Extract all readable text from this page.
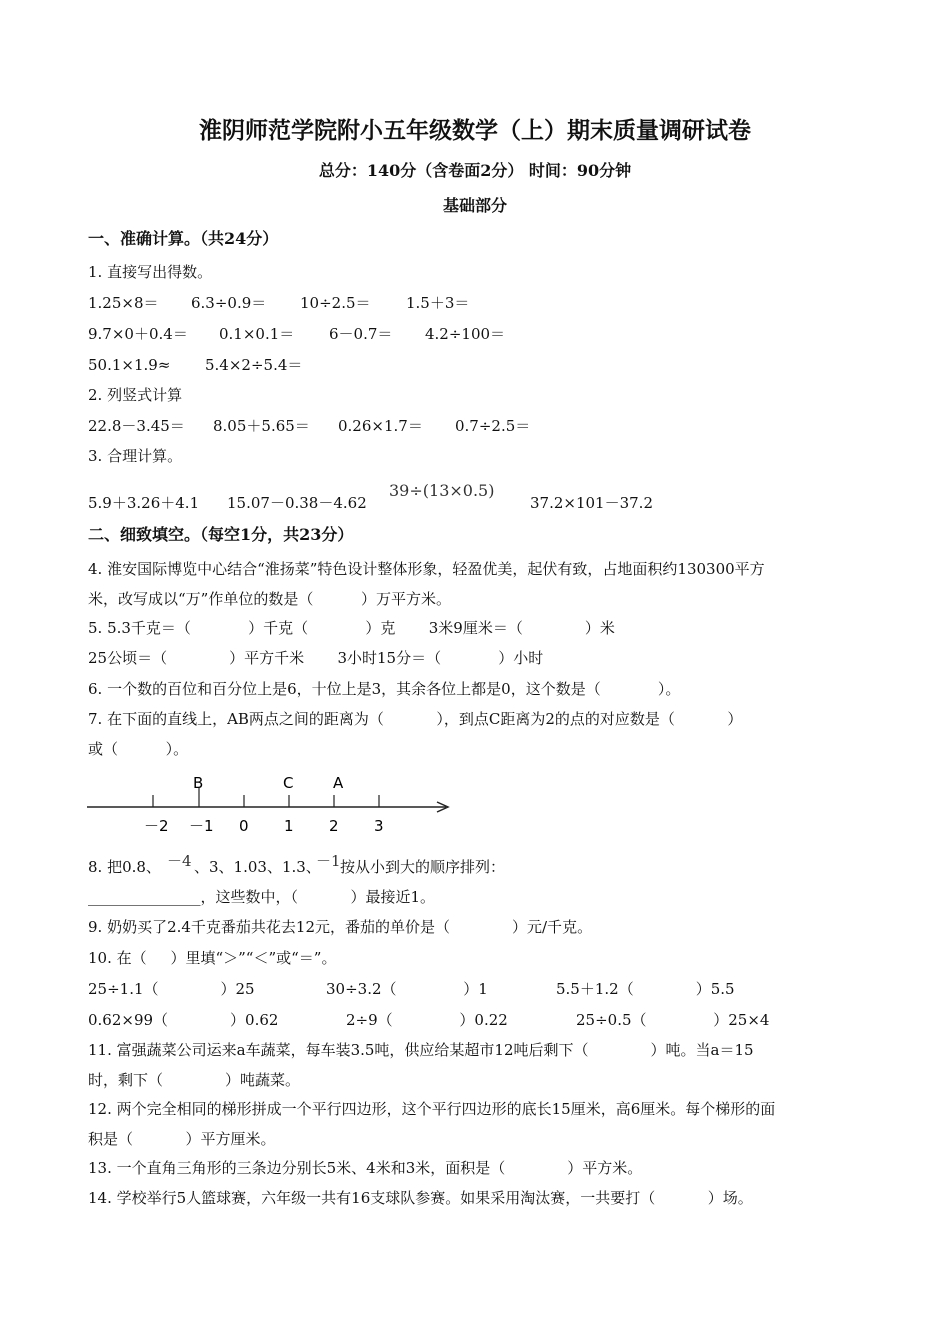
淮阴师范学院附小五年级数学（上）期末质量调研试卷
总分：140分（含卷面2分） 时间：90分钟
基础部分
一、准确计算。（共24分）
1. 直接写出得数。
1.25×8＝ 6.3÷0.9＝ 10÷2.5＝ 1.5＋3＝
9.7×0＋0.4＝ 0.1×0.1＝ 6－0.7＝ 4.2÷100＝
50.1×1.9≈ 5.4×2÷5.4＝
2. 列竖式计算
22.8－3.45＝ 8.05＋5.65＝ 0.26×1.7＝ 0.7÷2.5＝
3. 合理计算。
5.9＋3.26＋4.1 15.07－0.38－4.62
39÷(13×0.5)
37.2×101－37.2
二、细致填空。（每空1分，共23分）
4. 淮安国际博览中心结合“淮扬菜”特色设计整体形象，轻盈优美，起伏有致，占地面积约130300平方
米，改写成以“万”作单位的数是（          ）万平方米。
5. 5.3千克＝（            ）千克（            ）克       3米9厘米＝（             ）米
25公顷＝（             ）平方千米       3小时15分＝（            ）小时
6. 一个数的百位和百分位上是6，十位上是3，其余各位上都是0，这个数是（            ）。
7. 在下面的直线上，AB两点之间的距离为（           ），到点C距离为2的点的对应数是（           ）
或（          ）。
－2 －1 0 1 2 3
B	C	A
8. 把0.8、 －4 、3、1.03、1.3、
－1 按从小到大的顺序排列：
_______________，这些数中，（           ）最接近1。
9. 奶奶买了2.4千克番茄共花去12元，番茄的单价是（             ）元/千克。
10. 在（     ）里填“＞”“＜”或“＝”。
25÷1.1（             ）25	30÷3.2（              ）1	5.5＋1.2（             ）5.5
0.62×99（             ）0.62	2÷9（              ）0.22	25÷0.5（              ）25×4
11. 富强蔬菜公司运来a车蔬菜，每车装3.5吨，供应给某超市12吨后剩下（             ）吨。当a＝15
时，剩下（             ）吨蔬菜。
12. 两个完全相同的梯形拼成一个平行四边形，这个平行四边形的底长15厘米，高6厘米。每个梯形的面
积是（           ）平方厘米。
13. 一个直角三角形的三条边分别长5米、4米和3米，面积是（             ）平方米。
14. 学校举行5人篮球赛，六年级一共有16支球队参赛。如果采用淘汰赛，一共要打（           ）场。
